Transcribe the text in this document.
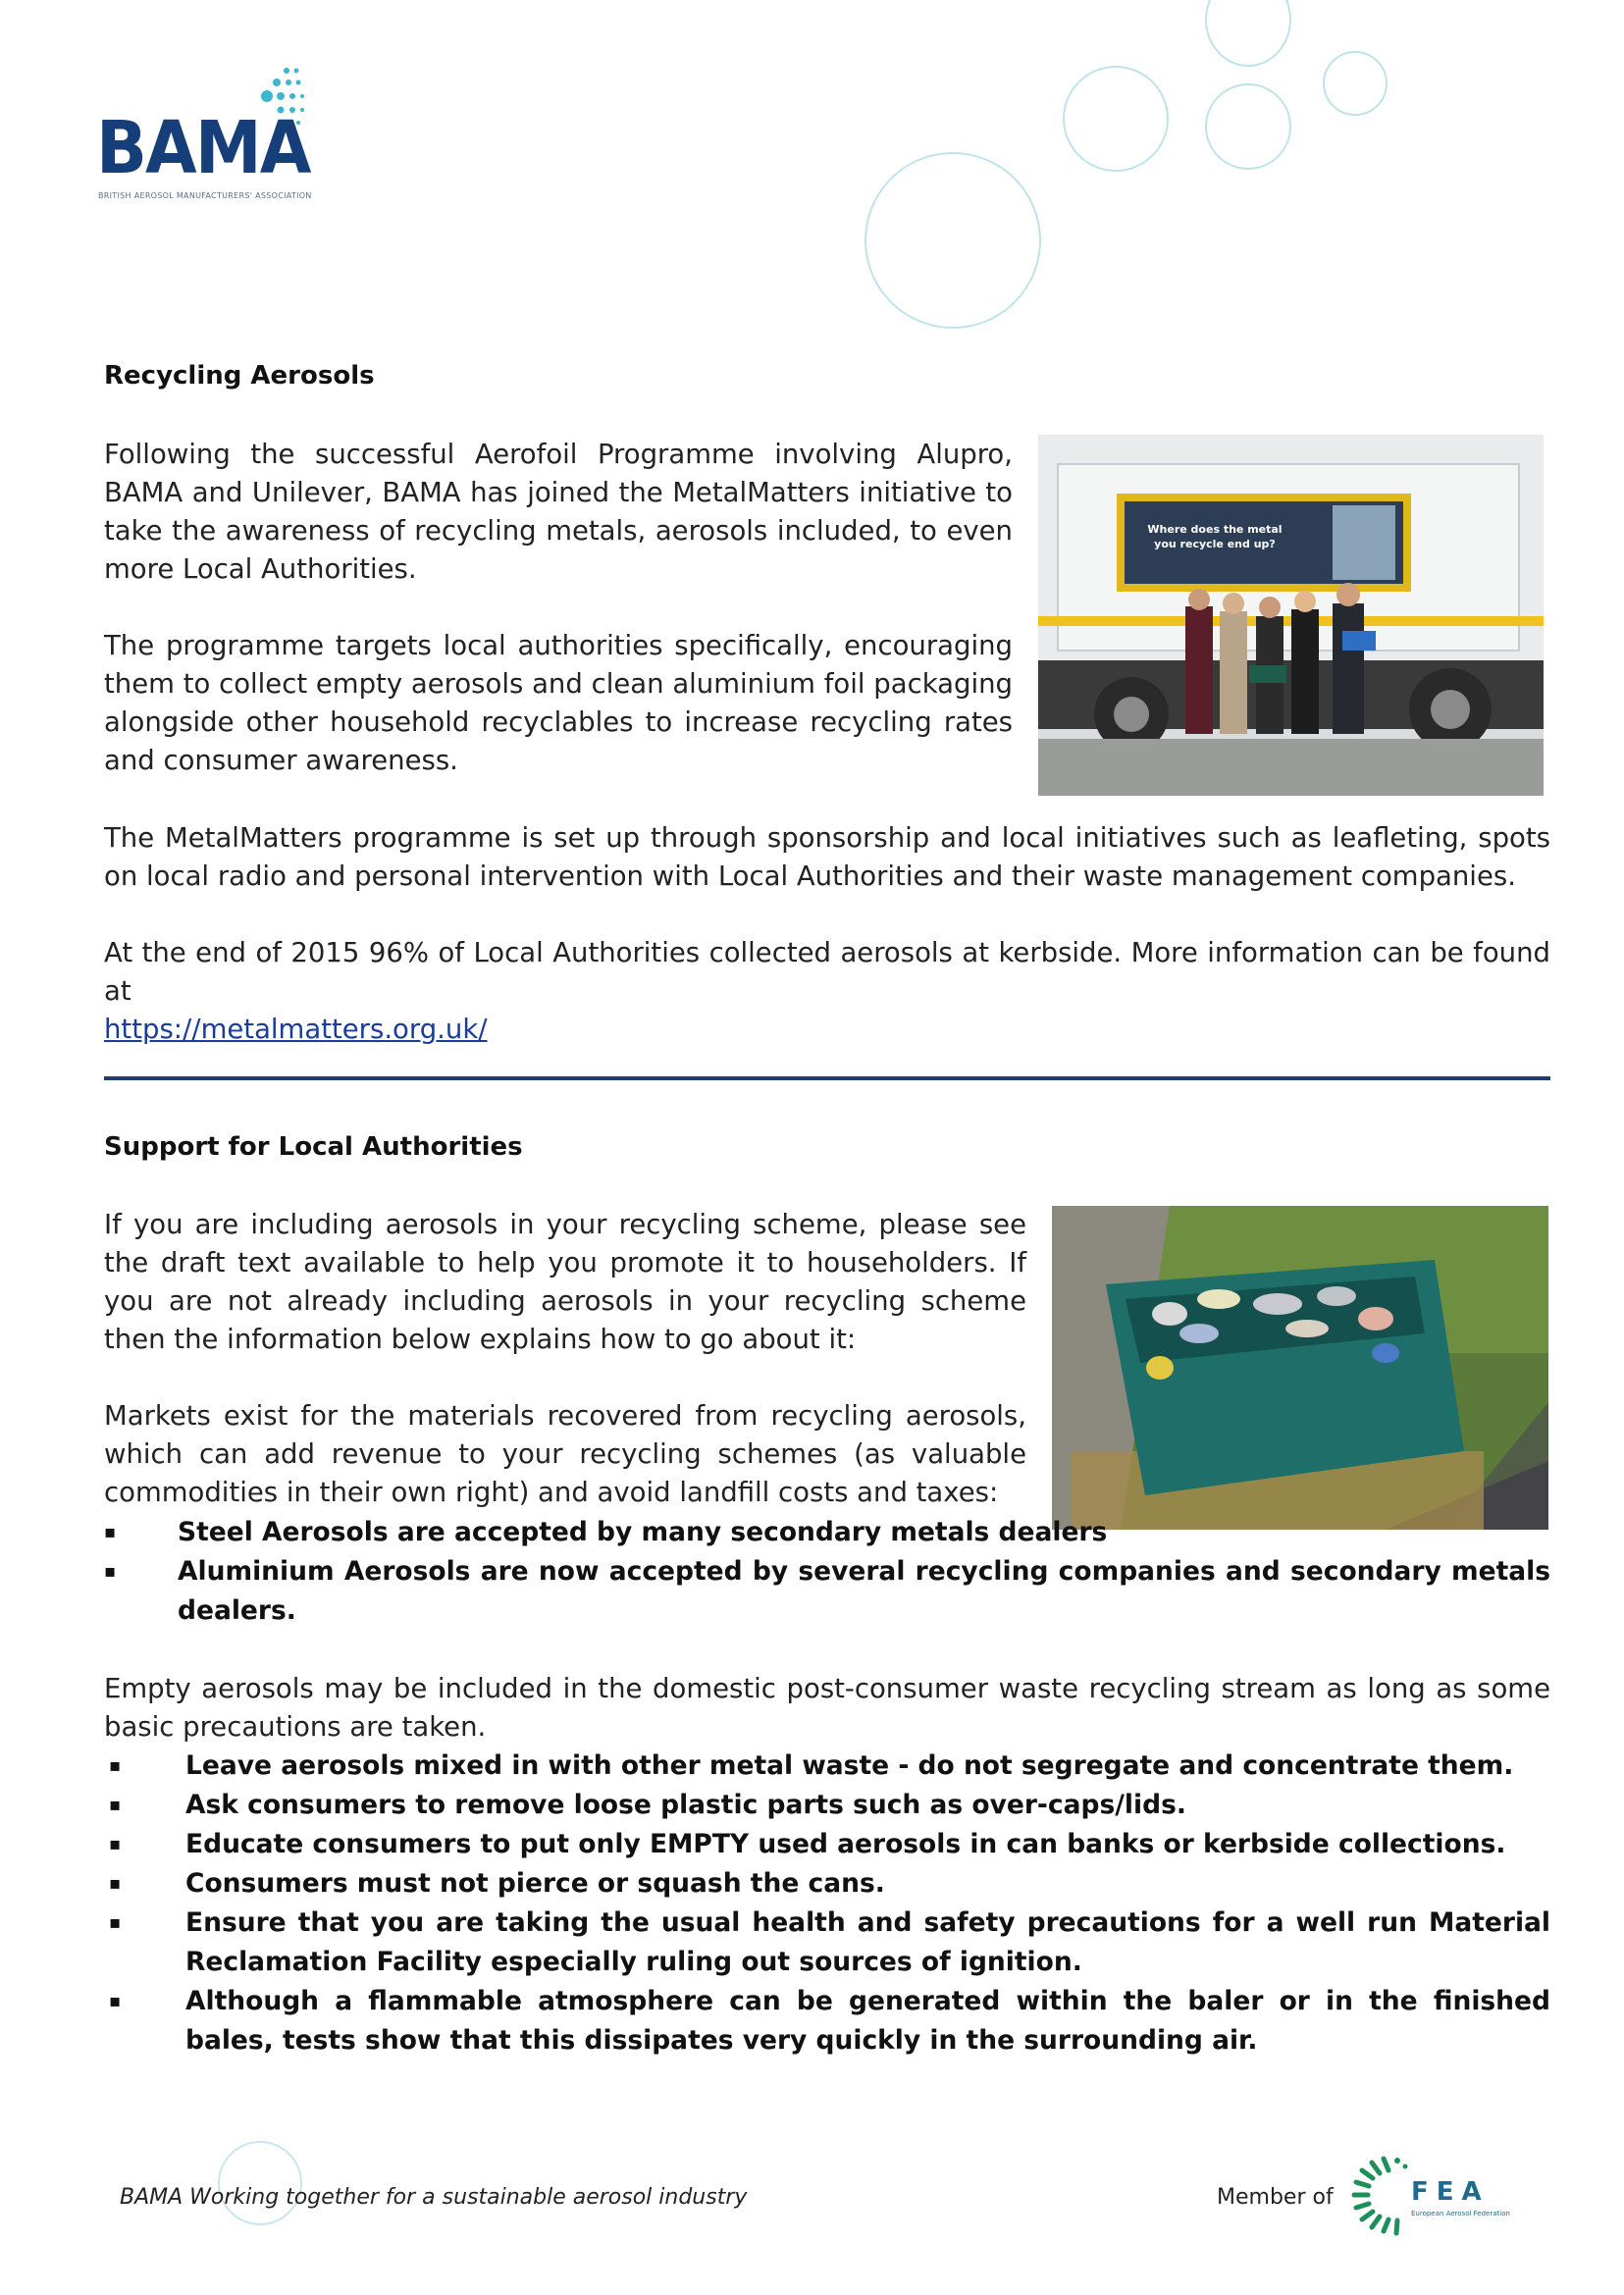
BAMA
BRITISH AEROSOL MANUFACTURERS' ASSOCIATION
Recycling Aerosols

Following the successful Aerofoil Programme involving Alupro, BAMA and Unilever, BAMA has joined the MetalMatters initiative to take the awareness of recycling metals, aerosols included, to even more Local Authorities.

The programme targets local authorities specifically, encouraging them to collect empty aerosols and clean aluminium foil packaging alongside other household recyclables to increase recycling rates and consumer awareness.

Where does the metal
you recycle end up?

The MetalMatters programme is set up through sponsorship and local initiatives such as leafleting, spots on local radio and personal intervention with Local Authorities and their waste management companies.

At the end of 2015 96% of Local Authorities collected aerosols at kerbside. More information can be found at
https://metalmatters.org.uk/

Support for Local Authorities

If you are including aerosols in your recycling scheme, please see the draft text available to help you promote it to householders. If you are not already including aerosols in your recycling scheme then the information below explains how to go about it:

Markets exist for the materials recovered from recycling aerosols, which can add revenue to your recycling schemes (as valuable commodities in their own right) and avoid landfill costs and taxes:

▪ Steel Aerosols are accepted by many secondary metals dealers
▪ Aluminium Aerosols are now accepted by several recycling companies and secondary metals dealers.

Empty aerosols may be included in the domestic post-consumer waste recycling stream as long as some basic precautions are taken.

▪ Leave aerosols mixed in with other metal waste - do not segregate and concentrate them.
▪ Ask consumers to remove loose plastic parts such as over-caps/lids.
▪ Educate consumers to put only EMPTY used aerosols in can banks or kerbside collections.
▪ Consumers must not pierce or squash the cans.
▪ Ensure that you are taking the usual health and safety precautions for a well run Material Reclamation Facility especially ruling out sources of ignition.
▪ Although a flammable atmosphere can be generated within the baler or in the finished bales, tests show that this dissipates very quickly in the surrounding air.
BAMA Working together for a sustainable aerosol industry	Member of	FEA
European Aerosol Federation
